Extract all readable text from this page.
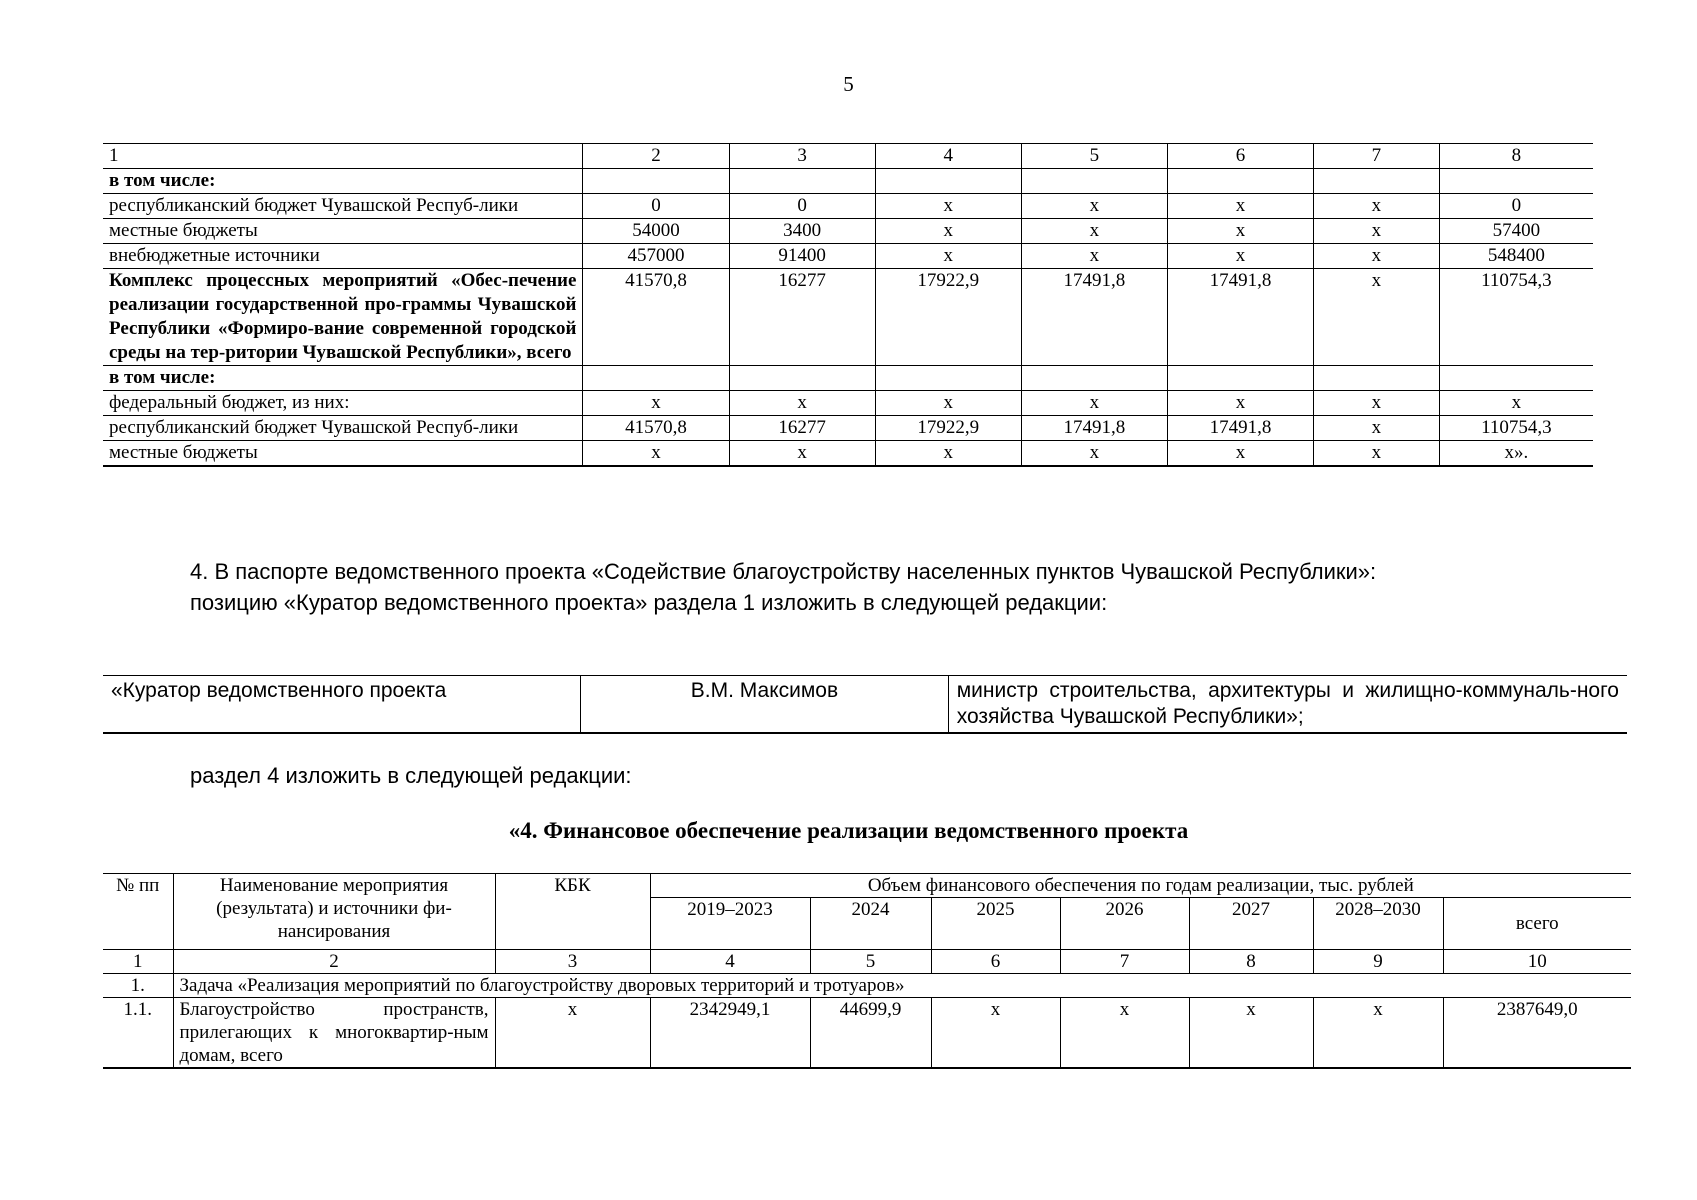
5
1	2	3	4	5	6	7	8
в том числе:							
республиканский бюджет Чувашской Респуб-лики	0	0	х	х	х	х	0
местные бюджеты	54000	3400	х	х	х	х	57400
внебюджетные источники	457000	91400	х	х	х	х	548400
Комплекс процессных мероприятий «Обес-печение реализации государственной про-граммы Чувашской Республики «Формиро-вание современной городской среды на тер-ритории Чувашской Республики», всего	41570,8	16277	17922,9	17491,8	17491,8	х	110754,3
в том числе:							
федеральный бюджет, из них:	х	х	х	х	х	х	х
республиканский бюджет Чувашской Респуб-лики	41570,8	16277	17922,9	17491,8	17491,8	х	110754,3
местные бюджеты	х	х	х	х	х	х	х».
4. В паспорте ведомственного проекта «Содействие благоустройству населенных пунктов Чувашской Республики»:
позицию «Куратор ведомственного проекта» раздела 1 изложить в следующей редакции:
«Куратор ведомственного проекта	В.М. Максимов	министр строительства, архитектуры и жилищно-коммуналь-ного хозяйства Чувашской Республики»;
раздел 4 изложить в следующей редакции:
«4. Финансовое обеспечение реализации ведомственного проекта
№ пп	Наименование мероприятия (результата) и источники фи-нансирования	КБК	Объем финансового обеспечения по годам реализации, тыс. рублей						
			2019–2023	2024	2025	2026	2027	2028–2030	всего
1	2	3	4	5	6	7	8	9	10
1.	Задача «Реализация мероприятий по благоустройству дворовых территорий и тротуаров»								
1.1.	Благоустройство пространств, прилегающих к многоквартир-ным домам, всего	х	2342949,1	44699,9	х	х	х	х	2387649,0
